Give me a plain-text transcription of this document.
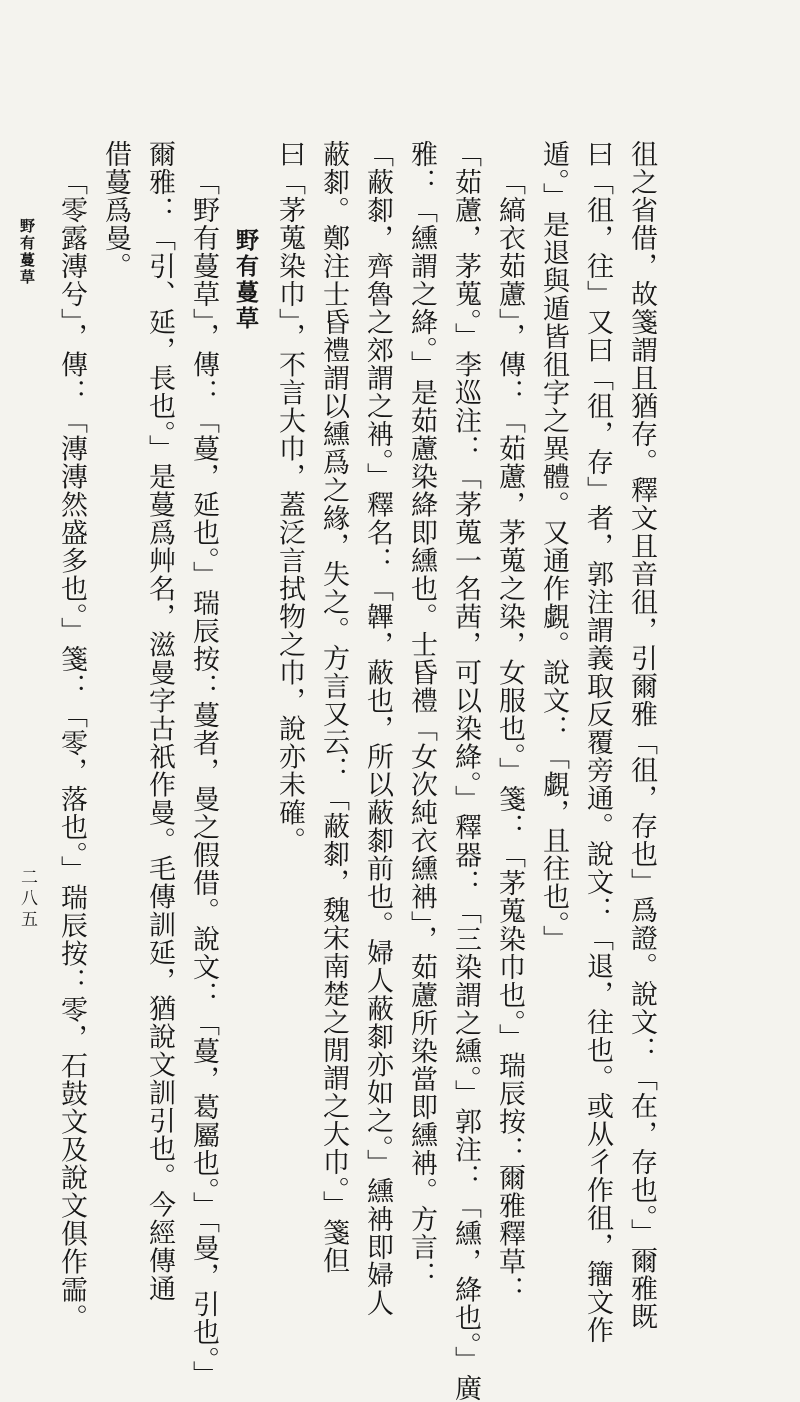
徂之省借，故箋謂且猶存。釋文且音徂，引爾雅「徂，存也」爲證。說文：「在，存也。」爾雅既
曰「徂，往」又曰「徂，存」者，郭注謂義取反覆旁通。說文：「退，往也。或从彳作徂，籒文作
遁。」是退與遁皆徂字之異體。又通作覷。說文：「覷，且往也。」
「縞衣茹藘」，傳：「茹藘，茅蒐之染，女服也。」箋：「茅蒐染巾也。」瑞辰按：爾雅釋草：
「茹藘，茅蒐。」李巡注：「茅蒐一名茜，可以染絳。」釋器：「三染謂之纁。」郭注：「纁，絳也。」廣
雅：「纁謂之絳。」是茹藘染絳即纁也。士昏禮「女次純衣纁袡」，茹藘所染當即纁袡。方言：
「蔽厀，齊魯之郊謂之袡。」釋名：「韠，蔽也，所以蔽厀前也。婦人蔽厀亦如之。」纁袡即婦人
蔽厀。鄭注士昏禮謂以纁爲之緣，失之。方言又云：「蔽厀，魏宋南楚之閒謂之大巾。」箋但
曰「茅蒐染巾」，不言大巾，蓋泛言拭物之巾，說亦未確。
野有蔓草
「野有蔓草」，傳：「蔓，延也。」瑞辰按：蔓者，曼之假借。說文：「蔓，葛屬也。」「曼，引也。」
爾雅：「引、延，長也。」是蔓爲艸名，滋曼字古祇作曼。毛傳訓延，猶說文訓引也。今經傳通
借蔓爲曼。
「零露漙兮」，傳：「漙漙然盛多也。」箋：「零，落也。」瑞辰按：零，石鼓文及說文俱作霝。
野有蔓草
二八五
